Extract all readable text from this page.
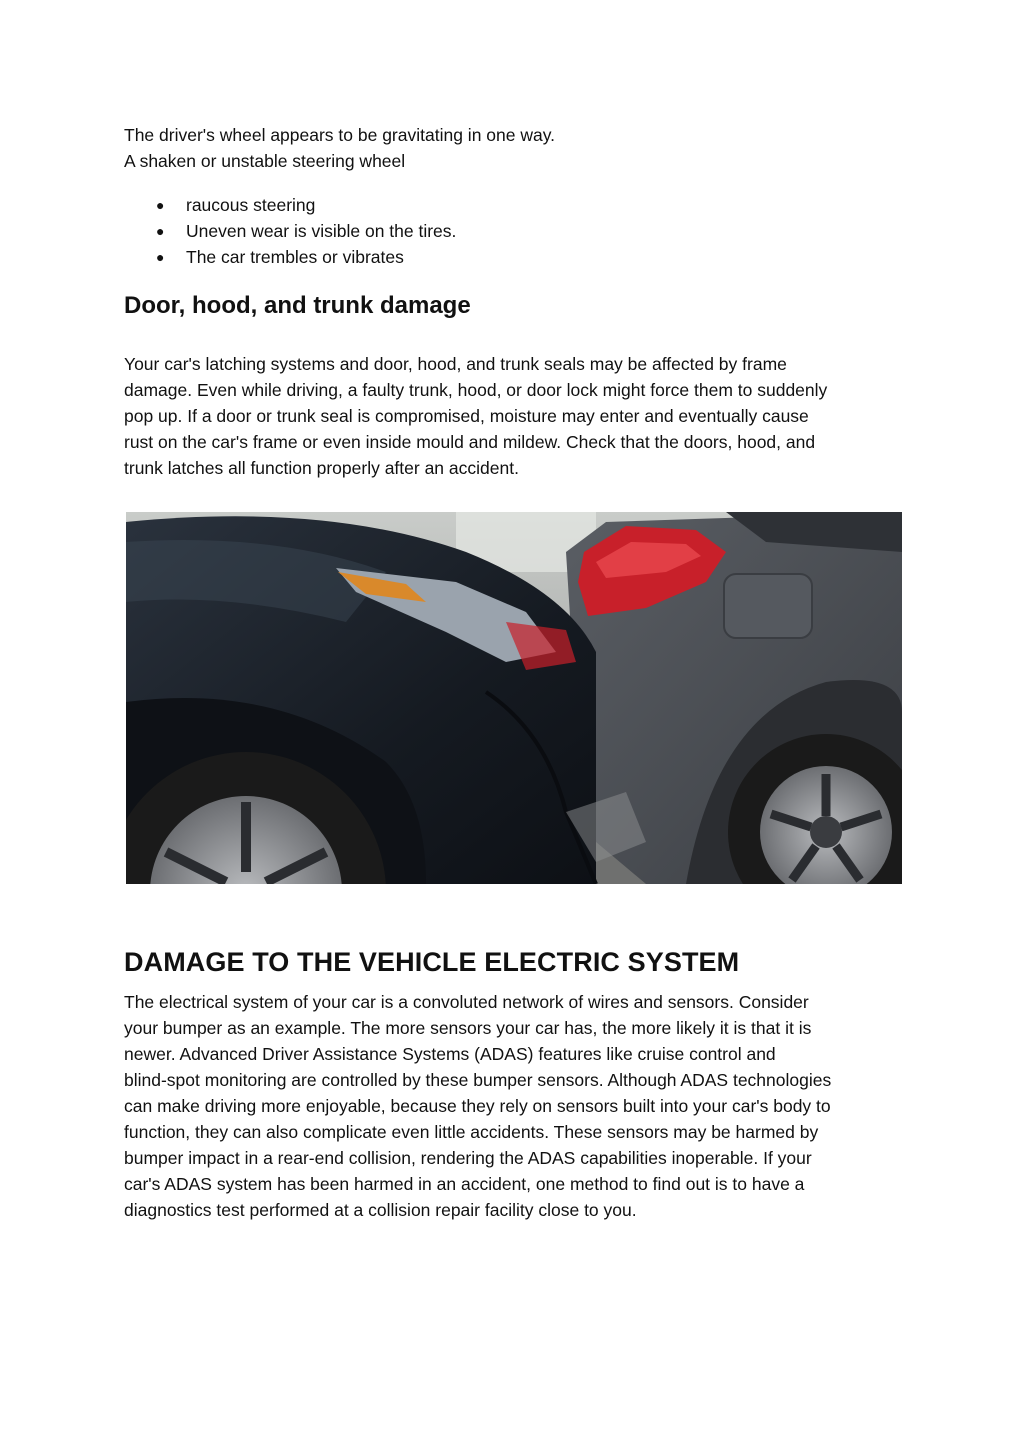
The driver's wheel appears to be gravitating in one way.

A shaken or unstable steering wheel

● raucous steering
● Uneven wear is visible on the tires.
● The car trembles or vibrates
Door, hood, and trunk damage

Your car's latching systems and door, hood, and trunk seals may be affected by frame

damage. Even while driving, a faulty trunk, hood, or door lock might force them to suddenly

pop up. If a door or trunk seal is compromised, moisture may enter and eventually cause

rust on the car's frame or even inside mould and mildew. Check that the doors, hood, and

trunk latches all function properly after an accident.

DAMAGE TO THE VEHICLE ELECTRIC SYSTEM

The electrical system of your car is a convoluted network of wires and sensors. Consider

your bumper as an example. The more sensors your car has, the more likely it is that it is

newer. Advanced Driver Assistance Systems (ADAS) features like cruise control and

blind-spot monitoring are controlled by these bumper sensors. Although ADAS technologies

can make driving more enjoyable, because they rely on sensors built into your car's body to

function, they can also complicate even little accidents. These sensors may be harmed by

bumper impact in a rear-end collision, rendering the ADAS capabilities inoperable. If your

car's ADAS system has been harmed in an accident, one method to find out is to have a

diagnostics test performed at a collision repair facility close to you.
